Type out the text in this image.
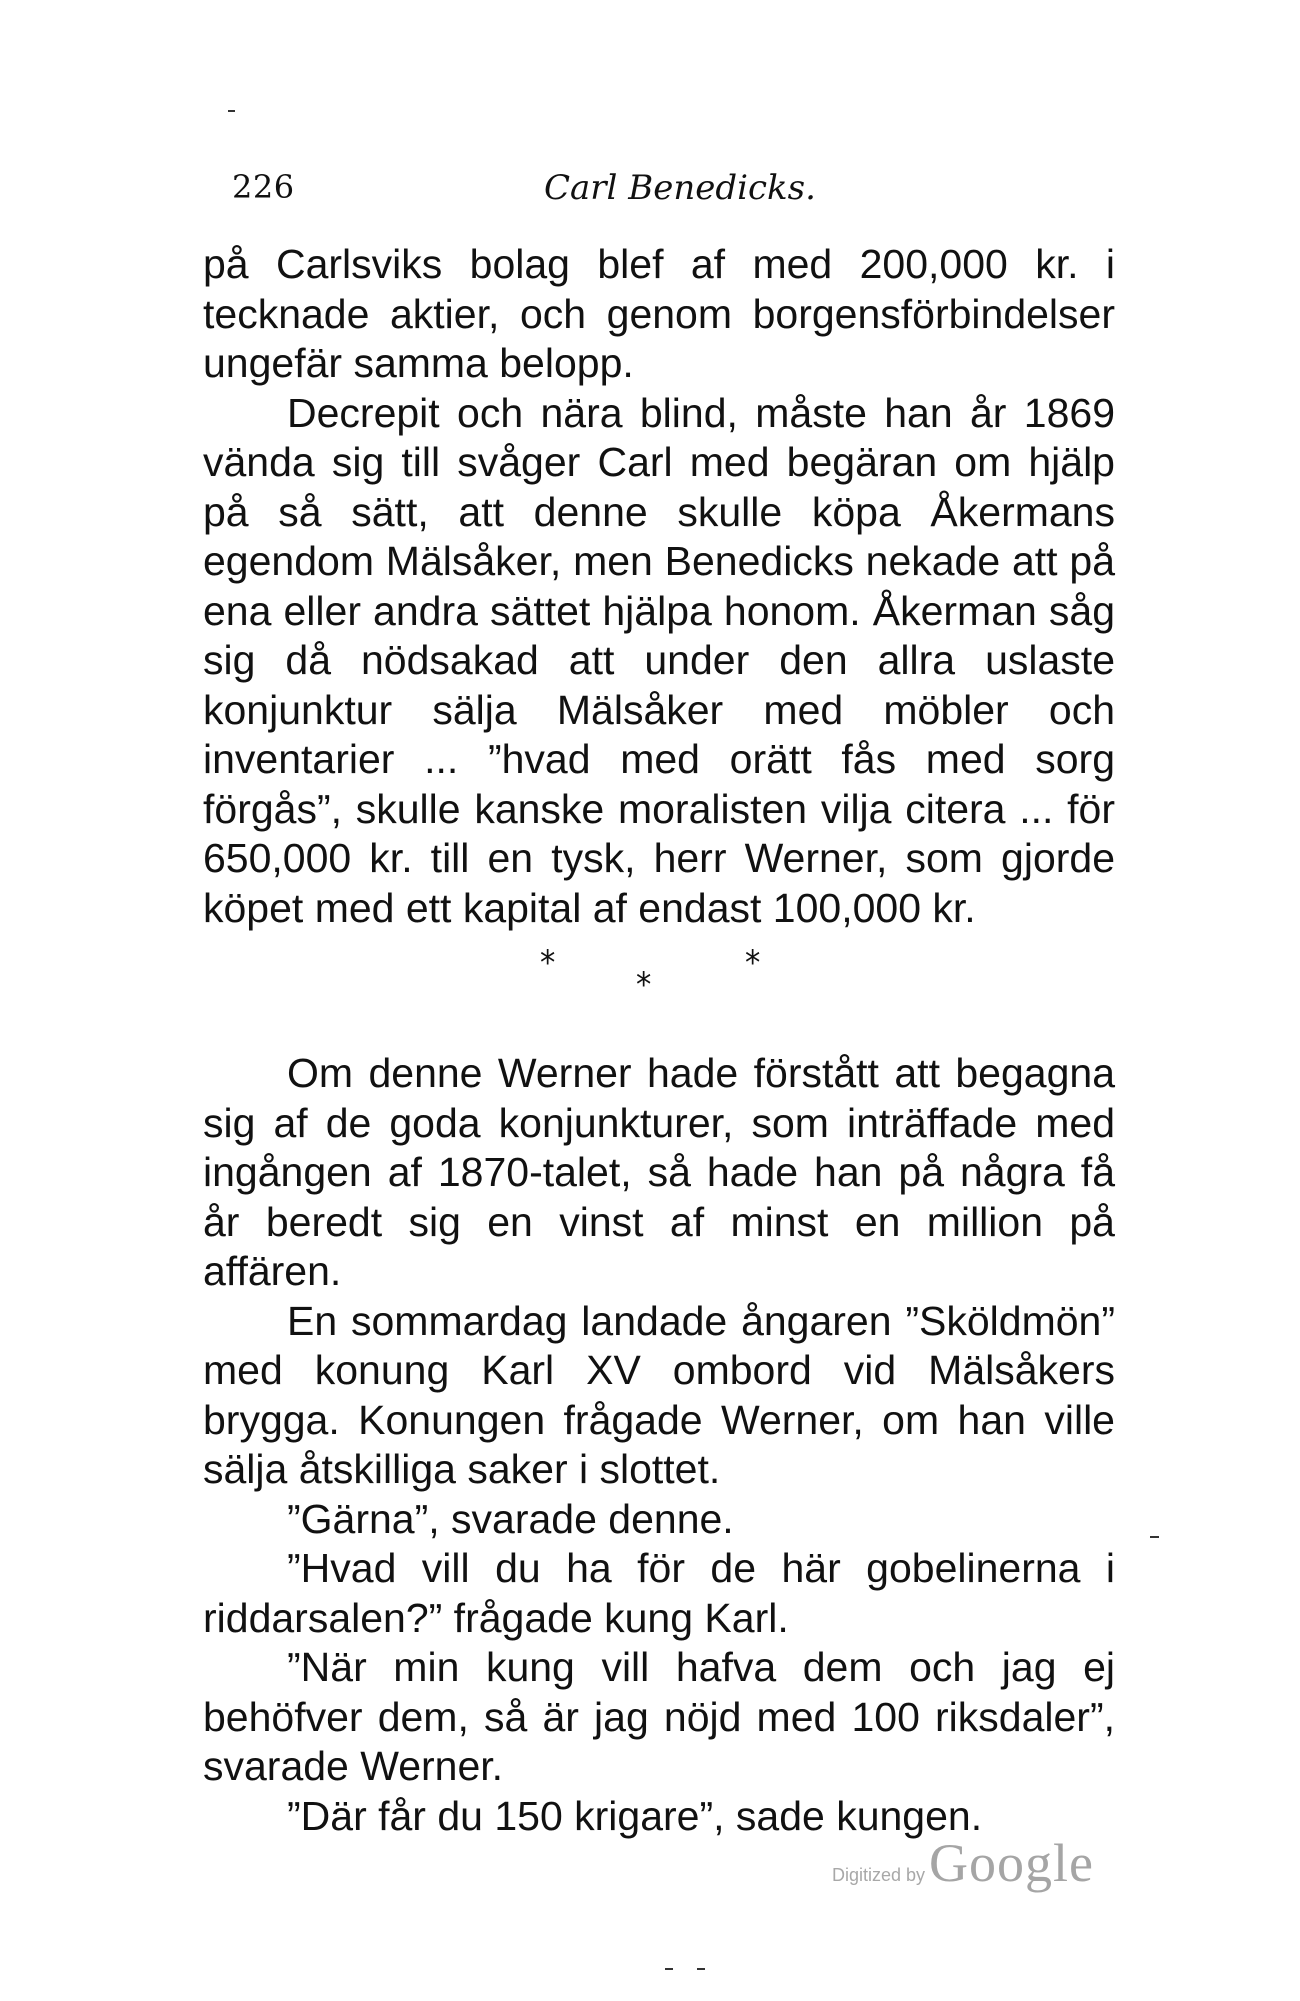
226	Carl Benedicks.

på Carlsviks bolag blef af med 200,000 kr. i tecknade aktier, och genom borgensförbindelser ungefär samma belopp.

Decrepit och nära blind, måste han år 1869 vända sig till svåger Carl med begäran om hjälp på så sätt, att denne skulle köpa Åkermans egendom Mälsåker, men Benedicks nekade att på ena eller andra sättet hjälpa honom. Åkerman såg sig då nödsakad att under den allra uslaste konjunktur sälja Mälsåker med möbler och inventarier ... ”hvad med orätt fås med sorg förgås”, skulle kanske moralisten vilja citera ... för 650,000 kr. till en tysk, herr Werner, som gjorde köpet med ett kapital af endast 100,000 kr.

*
*
*

Om denne Werner hade förstått att begagna sig af de goda konjunkturer, som inträffade med ingången af 1870-talet, så hade han på några få år beredt sig en vinst af minst en million på affären.

En sommardag landade ångaren ”Sköldmön” med konung Karl XV ombord vid Mälsåkers brygga. Konungen frågade Werner, om han ville sälja åtskilliga saker i slottet.

”Gärna”, svarade denne.

”Hvad vill du ha för de här gobelinerna i riddarsalen?” frågade kung Karl.

”När min kung vill hafva dem och jag ej behöfver dem, så är jag nöjd med 100 riksdaler”, svarade Werner.

”Där får du 150 krigare”, sade kungen.

Digitized by Google
